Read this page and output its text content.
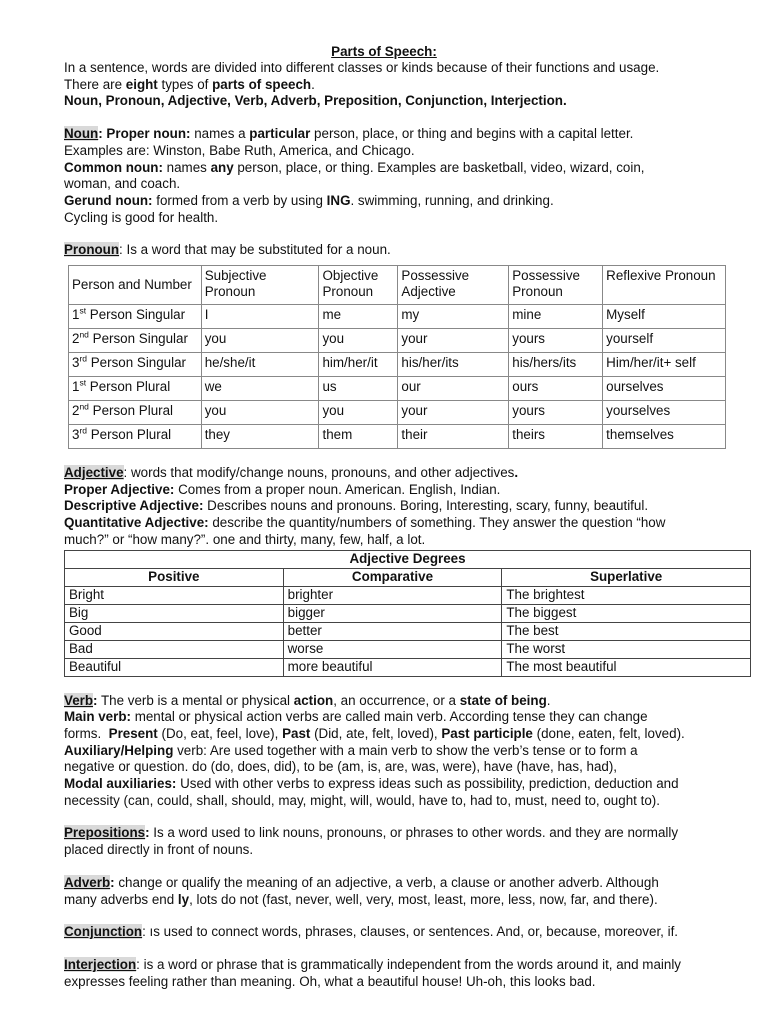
Parts of Speech:

In a sentence, words are divided into different classes or kinds because of their functions and usage.

There are eight types of parts of speech.

Noun, Pronoun, Adjective, Verb, Adverb, Preposition, Conjunction, Interjection.

Noun: Proper noun: names a particular person, place, or thing and begins with a capital letter.

Examples are: Winston, Babe Ruth, America, and Chicago.

Common noun: names any person, place, or thing. Examples are basketball, video, wizard, coin,

woman, and coach.

Gerund noun: formed from a verb by using ING. swimming, running, and drinking.

Cycling is good for health.

Pronoun: Is a word that may be substituted for a noun.

Person and Number	Subjective Pronoun	Objective Pronoun	Possessive Adjective	Possessive Pronoun	Reflexive Pronoun
1st Person Singular	I	me	my	mine	Myself
2nd Person Singular	you	you	your	yours	yourself
3rd Person Singular	he/she/it	him/her/it	his/her/its	his/hers/its	Him/her/it+ self
1st Person Plural	we	us	our	ours	ourselves
2nd Person Plural	you	you	your	yours	yourselves
3rd Person Plural	they	them	their	theirs	themselves

Adjective: words that modify/change nouns, pronouns, and other adjectives.

Proper Adjective: Comes from a proper noun. American. English, Indian.

Descriptive Adjective: Describes nouns and pronouns. Boring, Interesting, scary, funny, beautiful.

Quantitative Adjective: describe the quantity/numbers of something. They answer the question “how

much?” or “how many?”. one and thirty, many, few, half, a lot.

Adjective Degrees		
Positive	Comparative	Superlative
Bright	brighter	The brightest
Big	bigger	The biggest
Good	better	The best
Bad	worse	The worst
Beautiful	more beautiful	The most beautiful

Verb: The verb is a mental or physical action, an occurrence, or a state of being.

Main verb: mental or physical action verbs are called main verb. According tense they can change

forms.  Present (Do, eat, feel, love), Past (Did, ate, felt, loved), Past participle (done, eaten, felt, loved).

Auxiliary/Helping verb: Are used together with a main verb to show the verb’s tense or to form a

negative or question. do (do, does, did), to be (am, is, are, was, were), have (have, has, had),

Modal auxiliaries: Used with other verbs to express ideas such as possibility, prediction, deduction and

necessity (can, could, shall, should, may, might, will, would, have to, had to, must, need to, ought to).

Prepositions: Is a word used to link nouns, pronouns, or phrases to other words. and they are normally

placed directly in front of nouns.

Adverb: change or qualify the meaning of an adjective, a verb, a clause or another adverb. Although

many adverbs end ly, lots do not (fast, never, well, very, most, least, more, less, now, far, and there).

Conjunction: ıs used to connect words, phrases, clauses, or sentences. And, or, because, moreover, if.

Interjection: is a word or phrase that is grammatically independent from the words around it, and mainly

expresses feeling rather than meaning. Oh, what a beautiful house! Uh-oh, this looks bad.
